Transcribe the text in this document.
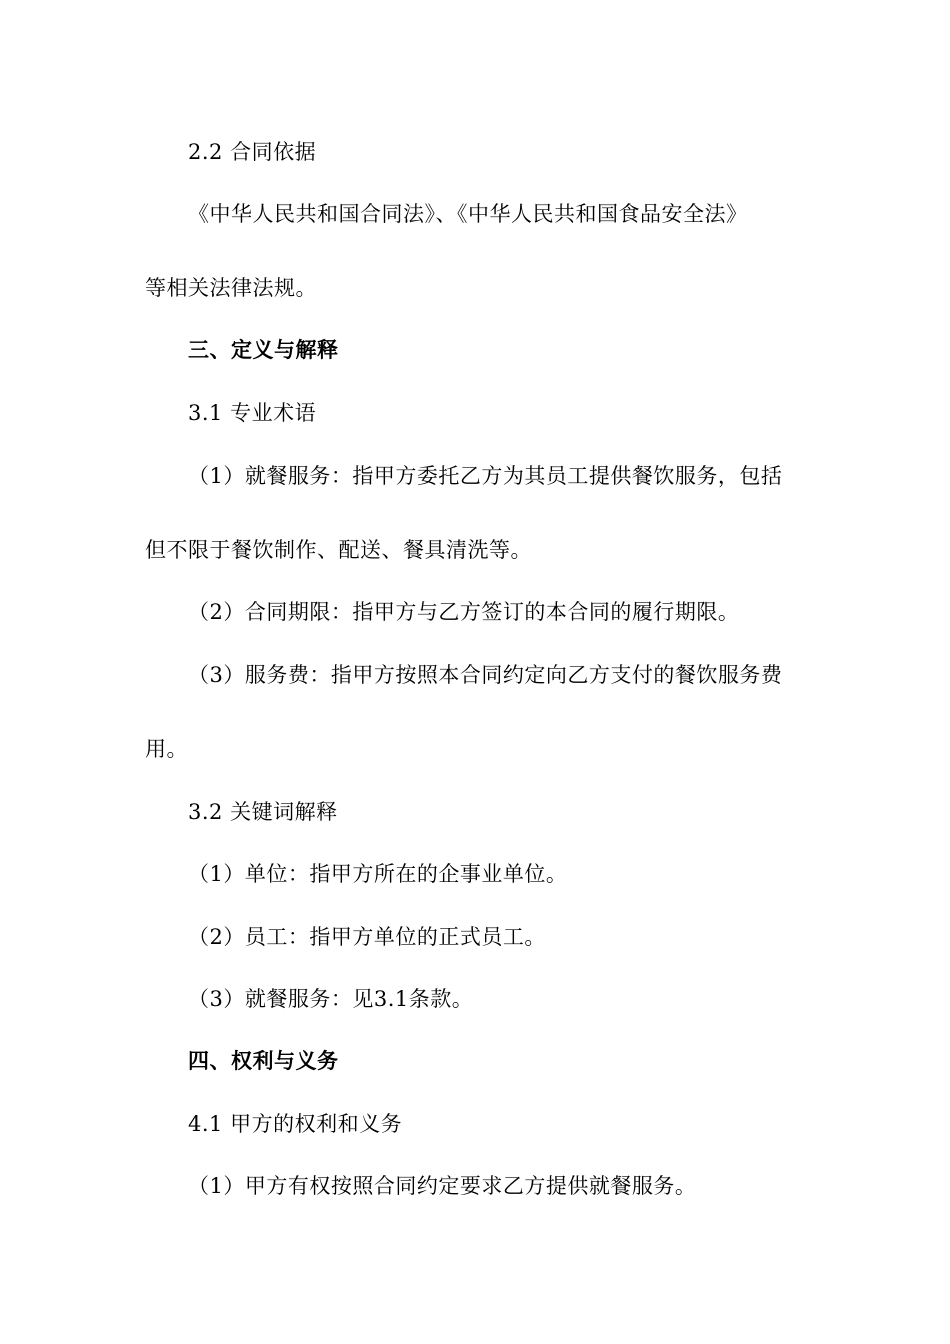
2.2 合同依据
《中华人民共和国合同法》、《中华人民共和国食品安全法》
等相关法律法规。
三、定义与解释
3.1 专业术语
（1）就餐服务：指甲方委托乙方为其员工提供餐饮服务，包括
但不限于餐饮制作、配送、餐具清洗等。
（2）合同期限：指甲方与乙方签订的本合同的履行期限。
（3）服务费：指甲方按照本合同约定向乙方支付的餐饮服务费
用。
3.2 关键词解释
（1）单位：指甲方所在的企事业单位。
（2）员工：指甲方单位的正式员工。
（3）就餐服务：见3.1条款。
四、权利与义务
4.1 甲方的权利和义务
（1）甲方有权按照合同约定要求乙方提供就餐服务。
